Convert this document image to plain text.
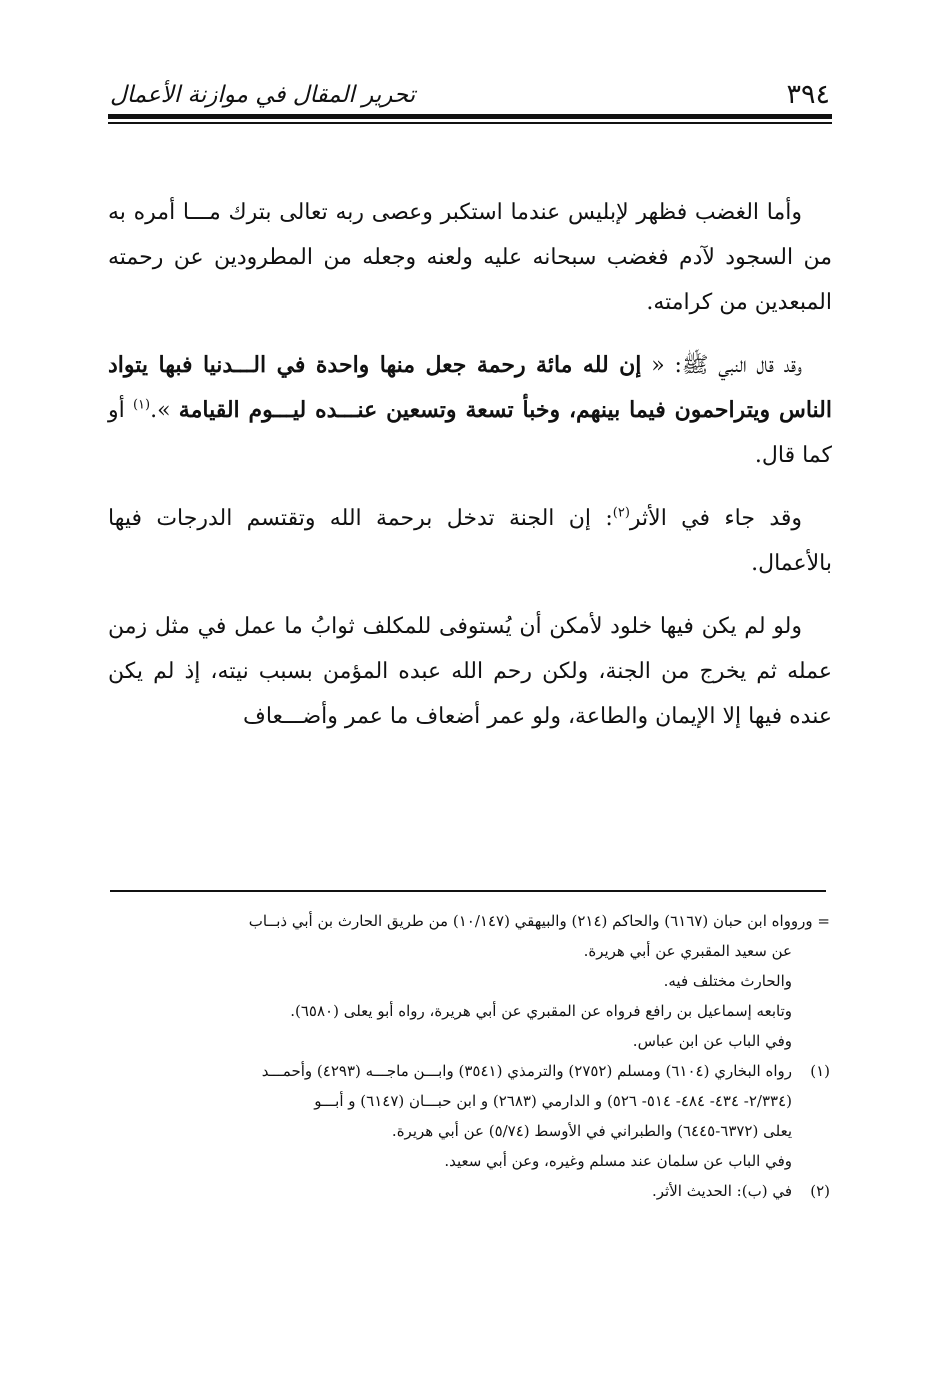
٣٩٤
تحرير المقال في موازنة الأعمال

وأما الغضب فظهر لإبليس عندما استكبر وعصى ربه تعالى بترك مـــا أمره به من السجود لآدم فغضب سبحانه عليه ولعنه وجعله من المطرودين عن رحمته المبعدين من كرامته.

وقد قال النبي ﷺ: « إن لله مائة رحمة جعل منها واحدة في الـــدنيا فبها يتواد الناس ويتراحمون فيما بينهم، وخبأ تسعة وتسعين عنـــده ليـــوم القيامة ».$^{(١)}$ أو كما قال.

وقد جاء في الأثر$^{(٢)}$: إن الجنة تدخل برحمة الله وتقتسم الدرجات فيها بالأعمال.

ولو لم يكن فيها خلود لأمكن أن يُستوفى للمكلف ثوابُ ما عمل في مثل زمن عمله ثم يخرج من الجنة، ولكن رحم الله عبده المؤمن بسبب نيته، إذ لم يكن عنده فيها إلا الإيمان والطاعة، ولو عمر أضعاف ما عمر وأضـــعاف

= وروواه ابن حبان (٦١٦٧) والحاكم (٢١٤) والبيهقي (١٠/١٤٧) من طريق الحارث بن أبي ذبــاب

عن سعيد المقبري عن أبي هريرة.

والحارث مختلف فيه.

وتابعه إسماعيل بن رافع فرواه عن المقبري عن أبي هريرة، رواه أبو يعلى (٦٥٨٠).

وفي الباب عن ابن عباس.

(١)رواه البخاري (٦١٠٤) ومسلم (٢٧٥٢) والترمذي (٣٥٤١) وابـــن ماجـــه (٤٢٩٣) وأحمـــد

(٢/٣٣٤- ٤٣٤- ٤٨٤- ٥١٤- ٥٢٦) و الدارمي (٢٦٨٣) و ابن حبـــان (٦١٤٧) و أبـــو

يعلى (٦٣٧٢-٦٤٤٥) والطبراني في الأوسط (٥/٧٤) عن أبي هريرة.

وفي الباب عن سلمان عند مسلم وغيره، وعن أبي سعيد.

(٢)في (ب): الحديث الأثر.
